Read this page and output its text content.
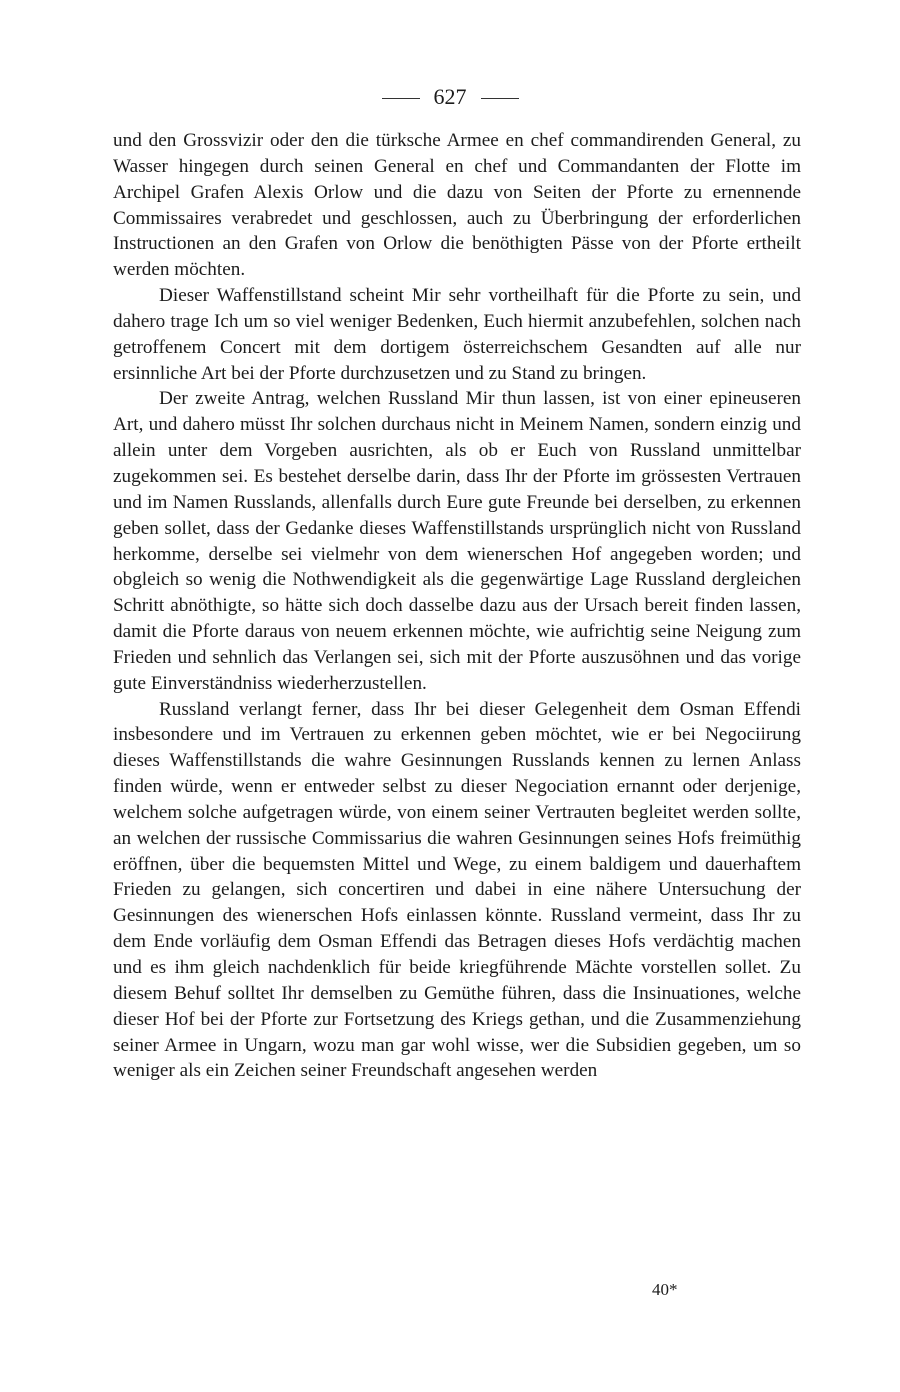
627

und den Grossvizir oder den die türksche Armee en chef commandirenden General, zu Wasser hingegen durch seinen General en chef und Commandanten der Flotte im Archipel Grafen Alexis Orlow und die dazu von Seiten der Pforte zu ernennende Commissaires verabredet und geschlossen, auch zu Überbringung der erforderlichen Instructionen an den Grafen von Orlow die benöthigten Pässe von der Pforte ertheilt werden möchten.

Dieser Waffenstillstand scheint Mir sehr vortheilhaft für die Pforte zu sein, und dahero trage Ich um so viel weniger Bedenken, Euch hiermit anzubefehlen, solchen nach getroffenem Concert mit dem dortigem österreichschem Gesandten auf alle nur ersinnliche Art bei der Pforte durchzusetzen und zu Stand zu bringen.

Der zweite Antrag, welchen Russland Mir thun lassen, ist von einer epineuseren Art, und dahero müsst Ihr solchen durchaus nicht in Meinem Namen, sondern einzig und allein unter dem Vorgeben ausrichten, als ob er Euch von Russland unmittelbar zugekommen sei. Es bestehet derselbe darin, dass Ihr der Pforte im grössesten Vertrauen und im Namen Russlands, allenfalls durch Eure gute Freunde bei derselben, zu erkennen geben sollet, dass der Gedanke dieses Waffenstillstands ursprünglich nicht von Russland herkomme, derselbe sei vielmehr von dem wienerschen Hof angegeben worden; und obgleich so wenig die Nothwendigkeit als die gegenwärtige Lage Russland dergleichen Schritt abnöthigte, so hätte sich doch dasselbe dazu aus der Ursach bereit finden lassen, damit die Pforte daraus von neuem erkennen möchte, wie aufrichtig seine Neigung zum Frieden und sehnlich das Verlangen sei, sich mit der Pforte auszusöhnen und das vorige gute Einverständniss wiederherzustellen.

Russland verlangt ferner, dass Ihr bei dieser Gelegenheit dem Osman Effendi insbesondere und im Vertrauen zu erkennen geben möchtet, wie er bei Negociirung dieses Waffenstillstands die wahre Gesinnungen Russlands kennen zu lernen Anlass finden würde, wenn er entweder selbst zu dieser Negociation ernannt oder derjenige, welchem solche aufgetragen würde, von einem seiner Vertrauten begleitet werden sollte, an welchen der russische Commissarius die wahren Gesinnungen seines Hofs freimüthig eröffnen, über die bequemsten Mittel und Wege, zu einem baldigem und dauerhaftem Frieden zu gelangen, sich concertiren und dabei in eine nähere Untersuchung der Gesinnungen des wienerschen Hofs einlassen könnte. Russland vermeint, dass Ihr zu dem Ende vorläufig dem Osman Effendi das Betragen dieses Hofs verdächtig machen und es ihm gleich nachdenklich für beide kriegführende Mächte vorstellen sollet. Zu diesem Behuf solltet Ihr demselben zu Gemüthe führen, dass die Insinuationes, welche dieser Hof bei der Pforte zur Fortsetzung des Kriegs gethan, und die Zusammenziehung seiner Armee in Ungarn, wozu man gar wohl wisse, wer die Subsidien gegeben, um so weniger als ein Zeichen seiner Freundschaft angesehen werden

40*
